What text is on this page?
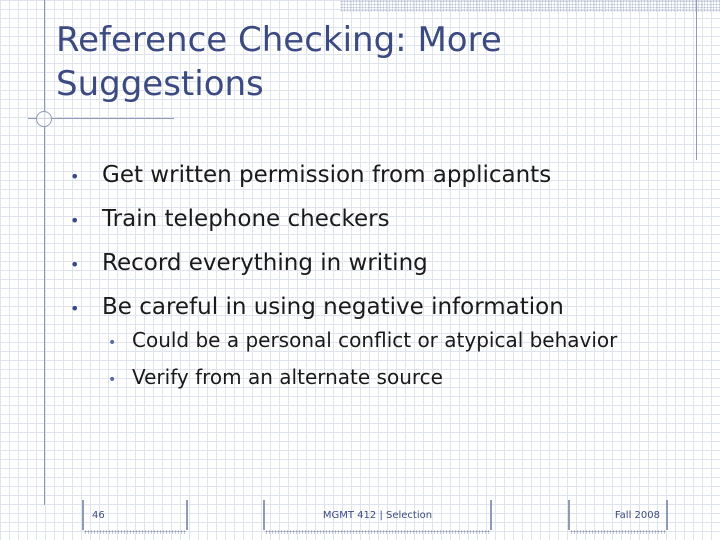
Reference Checking: More Suggestions
• Get written permission from applicants
• Train telephone checkers
• Record everything in writing
• Be careful in using negative information
• Could be a personal conflict or atypical behavior
• Verify from an alternate source
46	MGMT 412 | Selection	Fall 2008
